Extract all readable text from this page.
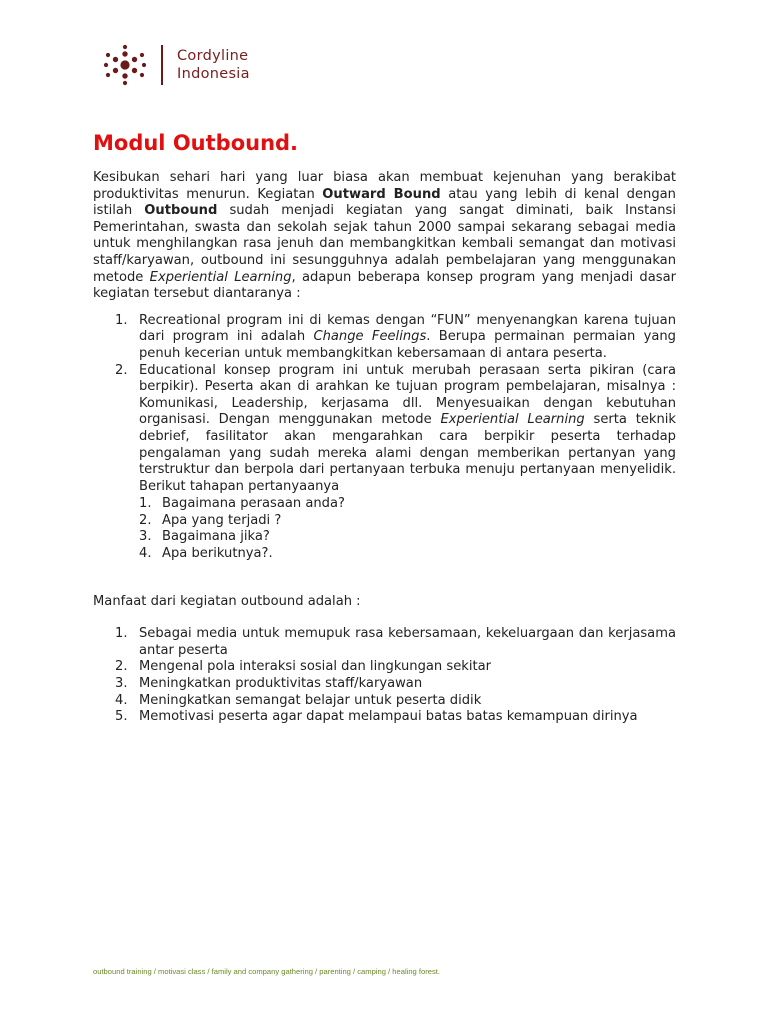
Cordyline
Indonesia
Modul Outbound.

Kesibukan sehari hari yang luar biasa akan membuat kejenuhan yang berakibat produktivitas menurun. Kegiatan Outward Bound atau yang lebih di kenal dengan istilah Outbound sudah menjadi kegiatan yang sangat diminati, baik Instansi Pemerintahan, swasta dan sekolah sejak tahun 2000 sampai sekarang sebagai media untuk menghilangkan rasa jenuh dan membangkitkan kembali semangat dan motivasi staff/karyawan, outbound ini sesungguhnya adalah pembelajaran yang menggunakan metode Experiential Learning, adapun beberapa konsep program yang menjadi dasar kegiatan tersebut diantaranya :

1. Recreational program ini di kemas dengan “FUN” menyenangkan karena tujuan dari program ini adalah Change Feelings. Berupa permainan permaian yang penuh kecerian untuk membangkitkan kebersamaan di antara peserta.
2. Educational konsep program ini untuk merubah perasaan serta pikiran (cara berpikir). Peserta akan di arahkan ke tujuan program pembelajaran, misalnya : Komunikasi, Leadership, kerjasama dll. Menyesuaikan dengan kebutuhan organisasi. Dengan menggunakan metode Experiential Learning serta teknik debrief, fasilitator akan mengarahkan cara berpikir peserta terhadap pengalaman yang sudah mereka alami dengan memberikan pertanyan yang terstruktur dan berpola dari pertanyaan terbuka menuju pertanyaan menyelidik. Berikut tahapan pertanyaanya
1. Bagaimana perasaan anda?
2. Apa yang terjadi ?
3. Bagaimana jika?
4. Apa berikutnya?.

Manfaat dari kegiatan outbound adalah :

1. Sebagai media untuk memupuk rasa kebersamaan, kekeluargaan dan kerjasama antar peserta
2. Mengenal pola interaksi sosial dan lingkungan sekitar
3. Meningkatkan produktivitas staff/karyawan
4. Meningkatkan semangat belajar untuk peserta didik
5. Memotivasi peserta agar dapat melampaui batas batas kemampuan dirinya
outbound training / motivasi class / family and company gathering / parenting / camping / healing forest.
